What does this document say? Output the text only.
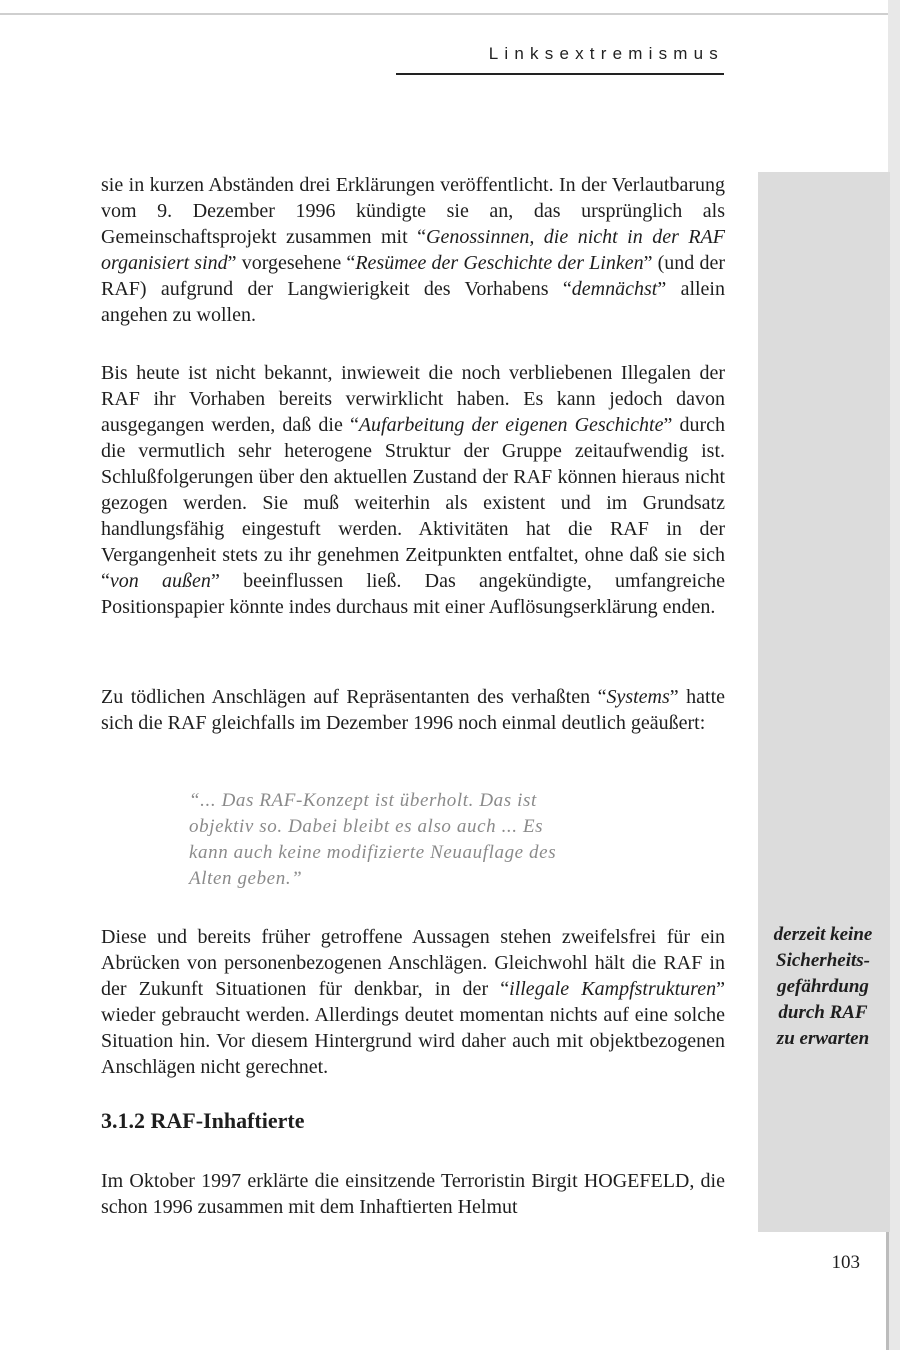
Linksextremismus

sie in kurzen Abständen drei Erklärungen veröffentlicht. In der Verlautbarung vom 9. Dezember 1996 kündigte sie an, das ursprünglich als Gemeinschaftsprojekt zusammen mit “Genossinnen, die nicht in der RAF organisiert sind” vorgesehene “Resümee der Geschichte der Linken” (und der RAF) aufgrund der Langwierigkeit des Vorhabens “demnächst” allein angehen zu wollen.

Bis heute ist nicht bekannt, inwieweit die noch verbliebenen Illegalen der RAF ihr Vorhaben bereits verwirklicht haben. Es kann jedoch davon ausgegangen werden, daß die “Aufarbeitung der eigenen Geschichte” durch die vermutlich sehr heterogene Struktur der Gruppe zeitaufwendig ist. Schlußfolgerungen über den aktuellen Zustand der RAF können hieraus nicht gezogen werden. Sie muß weiterhin als existent und im Grundsatz handlungsfähig eingestuft werden. Aktivitäten hat die RAF in der Vergangenheit stets zu ihr genehmen Zeitpunkten entfaltet, ohne daß sie sich “von außen” beeinflussen ließ. Das angekündigte, umfangreiche Positionspapier könnte indes durchaus mit einer Auflösungserklärung enden.

Zu tödlichen Anschlägen auf Repräsentanten des verhaßten “Systems” hatte sich die RAF gleichfalls im Dezember 1996 noch einmal deutlich geäußert:

“... Das RAF-Konzept ist überholt. Das ist objektiv so. Dabei bleibt es also auch ... Es kann auch keine modifizierte Neuauflage des Alten geben.”

Diese und bereits früher getroffene Aussagen stehen zweifelsfrei für ein Abrücken von personenbezogenen Anschlägen. Gleichwohl hält die RAF in der Zukunft Situationen für denkbar, in der “illegale Kampfstrukturen” wieder gebraucht werden. Allerdings deutet momentan nichts auf eine solche Situation hin. Vor diesem Hintergrund wird daher auch mit objektbezogenen Anschlägen nicht gerechnet.

3.1.2 RAF-Inhaftierte

Im Oktober 1997 erklärte die einsitzende Terroristin Birgit HOGEFELD, die schon 1996 zusammen mit dem Inhaftierten Helmut

derzeit keine
Sicherheits-
gefährdung
durch RAF
zu erwarten
103
